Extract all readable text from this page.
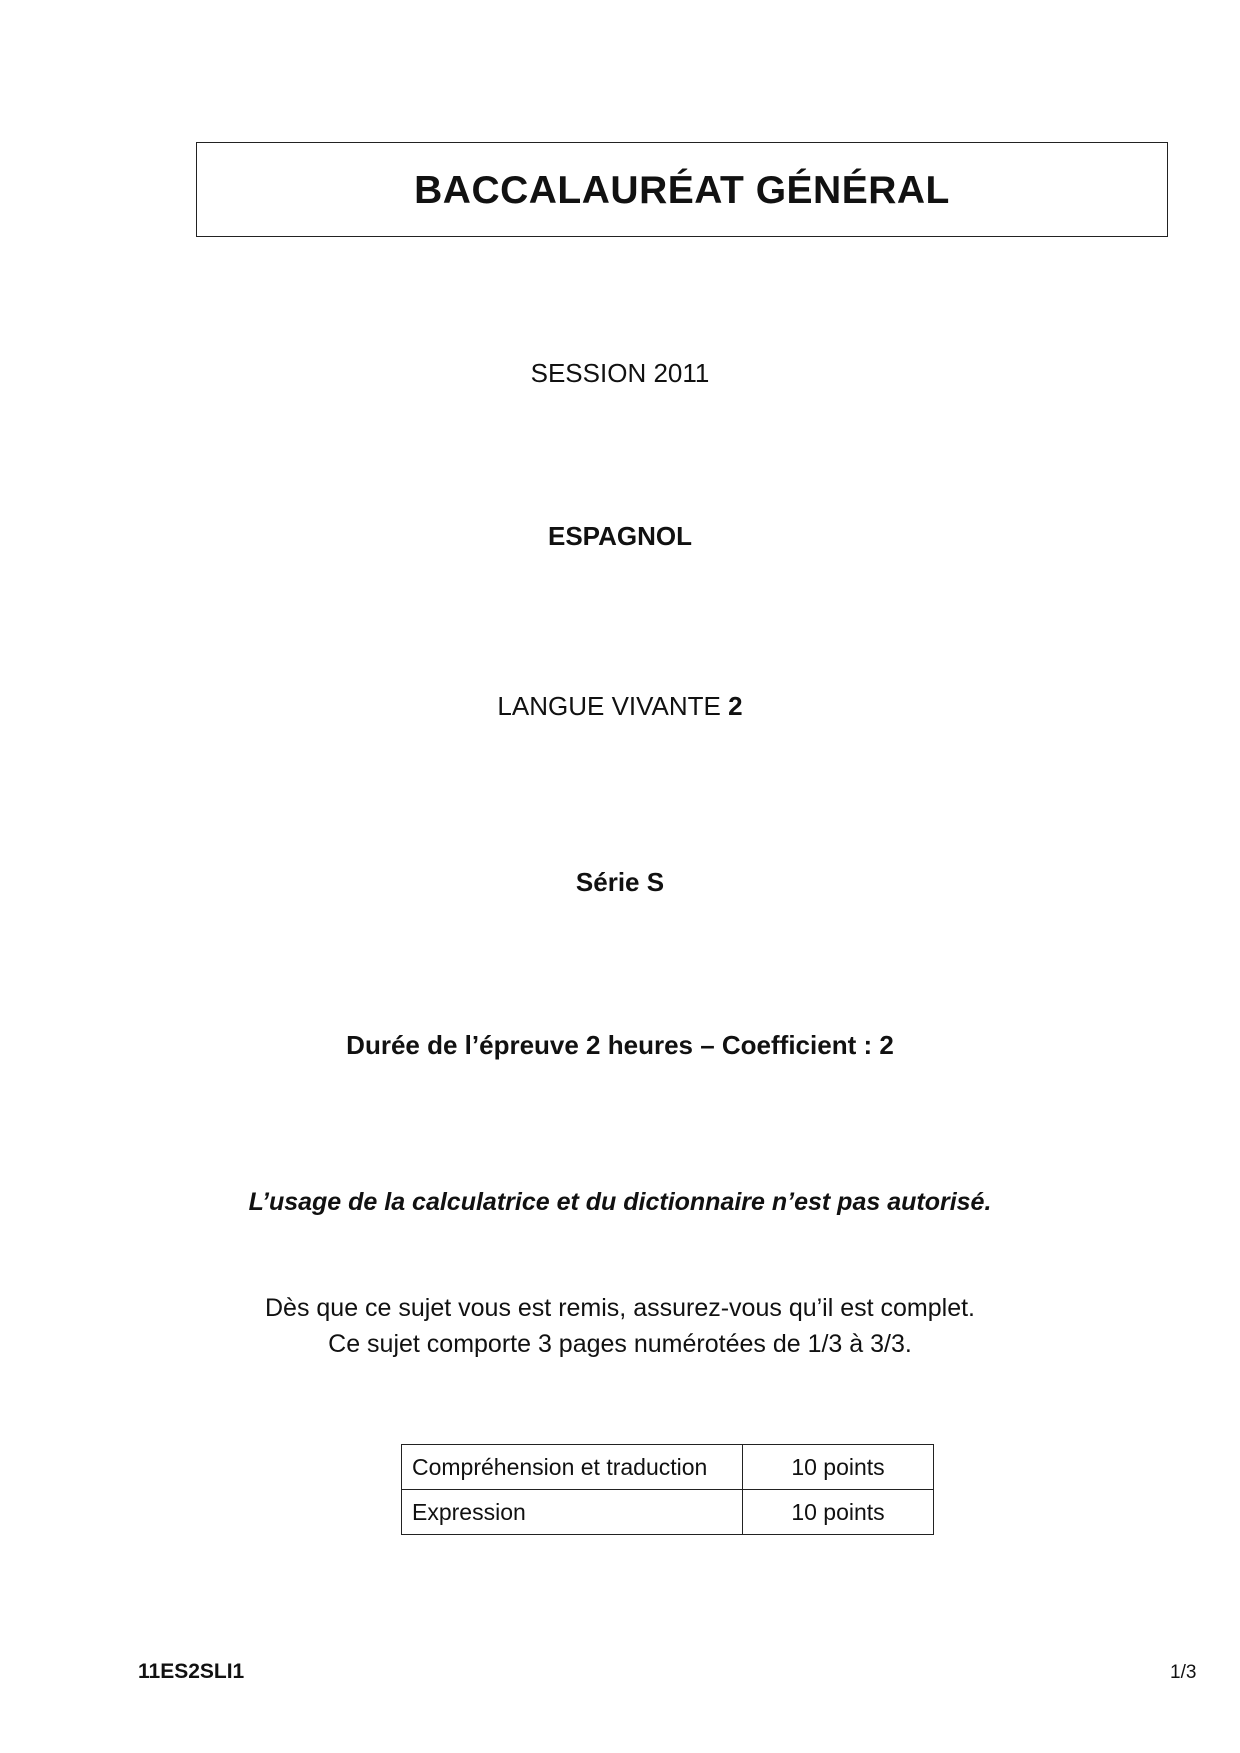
BACCALAURÉAT GÉNÉRAL
SESSION 2011
ESPAGNOL
LANGUE VIVANTE 2
Série S
Durée de l’épreuve 2 heures – Coefficient : 2
L’usage de la calculatrice et du dictionnaire n’est pas autorisé.
Dès que ce sujet vous est remis, assurez-vous qu’il est complet.
Ce sujet comporte 3 pages numérotées de 1/3 à 3/3.
Compréhension et traduction	10 points
Expression	10 points
11ES2SLI1	1/3
